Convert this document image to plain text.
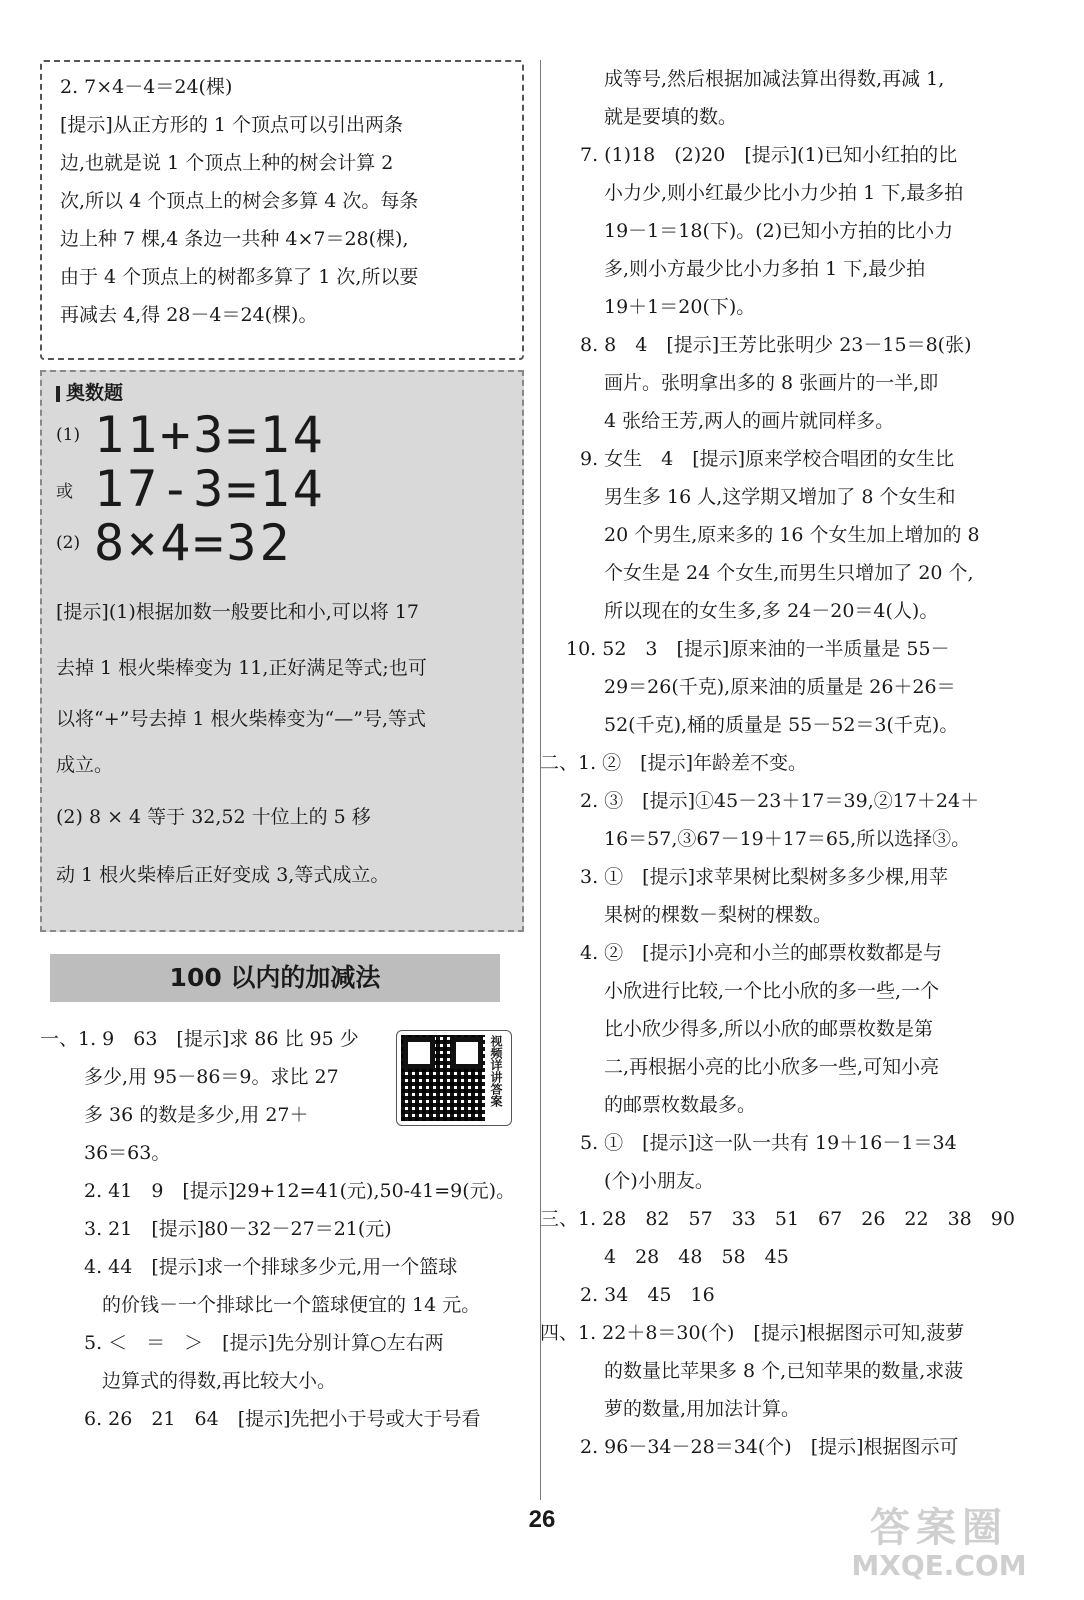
2. 7×4－4＝24(棵)
[提示]从正方形的 1 个顶点可以引出两条
边,也就是说 1 个顶点上种的树会计算 2
次,所以 4 个顶点上的树会多算 4 次。每条
边上种 7 棵,4 条边一共种 4×7＝28(棵),
由于 4 个顶点上的树都多算了 1 次,所以要
再减去 4,得 28－4＝24(棵)。
奥数题
(1) 11+3=14
或 17-3=14
(2) 8×4=32
[提示](1)根据加数一般要比和小,可以将 17
去掉 1 根火柴棒变为 11,正好满足等式;也可
以将“+”号去掉 1 根火柴棒变为“—”号,等式
成立。
(2) 8 × 4 等于 32,52 十位上的 5 移
动 1 根火柴棒后正好变成 3,等式成立。
100 以内的加减法
一、1. 9　63　[提示]求 86 比 95 少
多少,用 95－86＝9。求比 27
多 36 的数是多少,用 27＋
36＝63。
2. 41　9　[提示]29+12=41(元),50-41=9(元)。
3. 21　[提示]80－32－27＝21(元)
4. 44　[提示]求一个排球多少元,用一个篮球
的价钱－一个排球比一个篮球便宜的 14 元。
5. ＜　＝　＞　[提示]先分别计算○左右两
边算式的得数,再比较大小。
6. 26　21　64　[提示]先把小于号或大于号看
视频详讲答案
成等号,然后根据加减法算出得数,再减 1,
就是要填的数。
7. (1)18　(2)20　[提示](1)已知小红拍的比
小力少,则小红最少比小力少拍 1 下,最多拍
19－1＝18(下)。(2)已知小方拍的比小力
多,则小方最少比小力多拍 1 下,最少拍
19＋1＝20(下)。
8. 8　4　[提示]王芳比张明少 23－15＝8(张)
画片。张明拿出多的 8 张画片的一半,即
4 张给王芳,两人的画片就同样多。
9. 女生　4　[提示]原来学校合唱团的女生比
男生多 16 人,这学期又增加了 8 个女生和
20 个男生,原来多的 16 个女生加上增加的 8
个女生是 24 个女生,而男生只增加了 20 个,
所以现在的女生多,多 24－20＝4(人)。
10. 52　3　[提示]原来油的一半质量是 55－
29＝26(千克),原来油的质量是 26＋26＝
52(千克),桶的质量是 55－52＝3(千克)。
二、1. ②　[提示]年龄差不变。
2. ③　[提示]①45－23＋17＝39,②17＋24＋
16＝57,③67－19＋17＝65,所以选择③。
3. ①　[提示]求苹果树比梨树多多少棵,用苹
果树的棵数－梨树的棵数。
4. ②　[提示]小亮和小兰的邮票枚数都是与
小欣进行比较,一个比小欣的多一些,一个
比小欣少得多,所以小欣的邮票枚数是第
二,再根据小亮的比小欣多一些,可知小亮
的邮票枚数最多。
5. ①　[提示]这一队一共有 19＋16－1＝34
(个)小朋友。
三、1. 28　82　57　33　51　67　26　22　38　90
4　28　48　58　45
2. 34　45　16
四、1. 22＋8＝30(个)　[提示]根据图示可知,菠萝
的数量比苹果多 8 个,已知苹果的数量,求菠
萝的数量,用加法计算。
2. 96－34－28＝34(个)　[提示]根据图示可
26	答案圈
MXQE.COM
